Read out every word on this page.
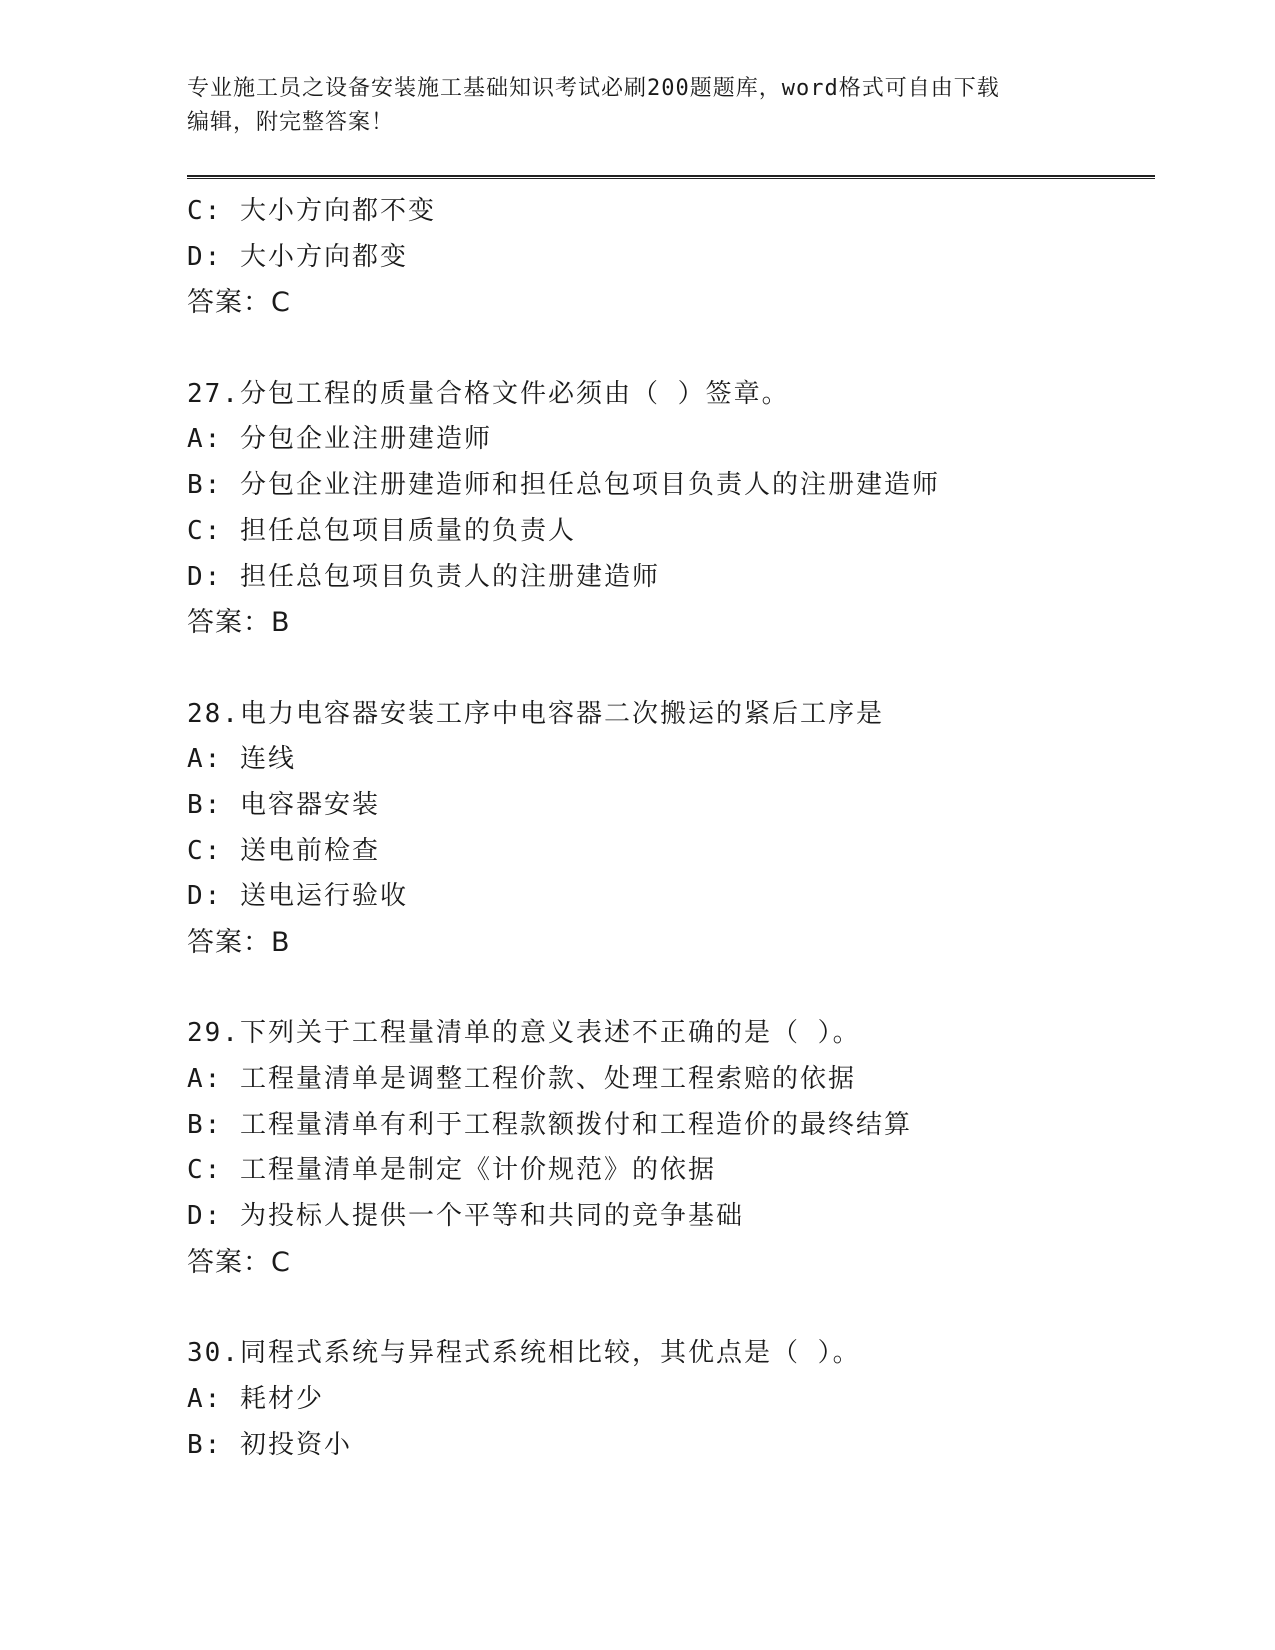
专业施工员之设备安装施工基础知识考试必刷200题题库，word格式可自由下载
编辑，附完整答案！
C: 大小方向都不变
D: 大小方向都变
答案：C
27.分包工程的质量合格文件必须由（ ）签章。
A: 分包企业注册建造师
B: 分包企业注册建造师和担任总包项目负责人的注册建造师
C: 担任总包项目质量的负责人
D: 担任总包项目负责人的注册建造师
答案：B
28.电力电容器安装工序中电容器二次搬运的紧后工序是
A: 连线
B: 电容器安装
C: 送电前检查
D: 送电运行验收
答案：B
29.下列关于工程量清单的意义表述不正确的是（ ）。
A: 工程量清单是调整工程价款、处理工程索赔的依据
B: 工程量清单有利于工程款额拨付和工程造价的最终结算
C: 工程量清单是制定《计价规范》的依据
D: 为投标人提供一个平等和共同的竞争基础
答案：C
30.同程式系统与异程式系统相比较，其优点是（ ）。
A: 耗材少
B: 初投资小
